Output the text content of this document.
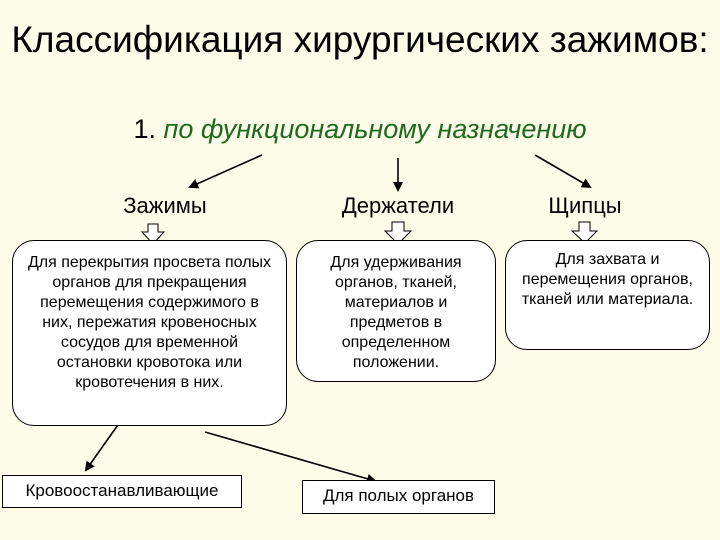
Классификация хирургических зажимов:
1. по функциональному назначению
Зажимы	Держатели	Щипцы
Для перекрытия просвета полых органов для прекращения перемещения содержимого в них, пережатия кровеносных сосудов для временной остановки кровотока или кровотечения в них.
Для удерживания органов, тканей, материалов и предметов в определенном положении.
Для захвата и перемещения органов, тканей или материала.
Кровоостанавливающие	Для полых органов
